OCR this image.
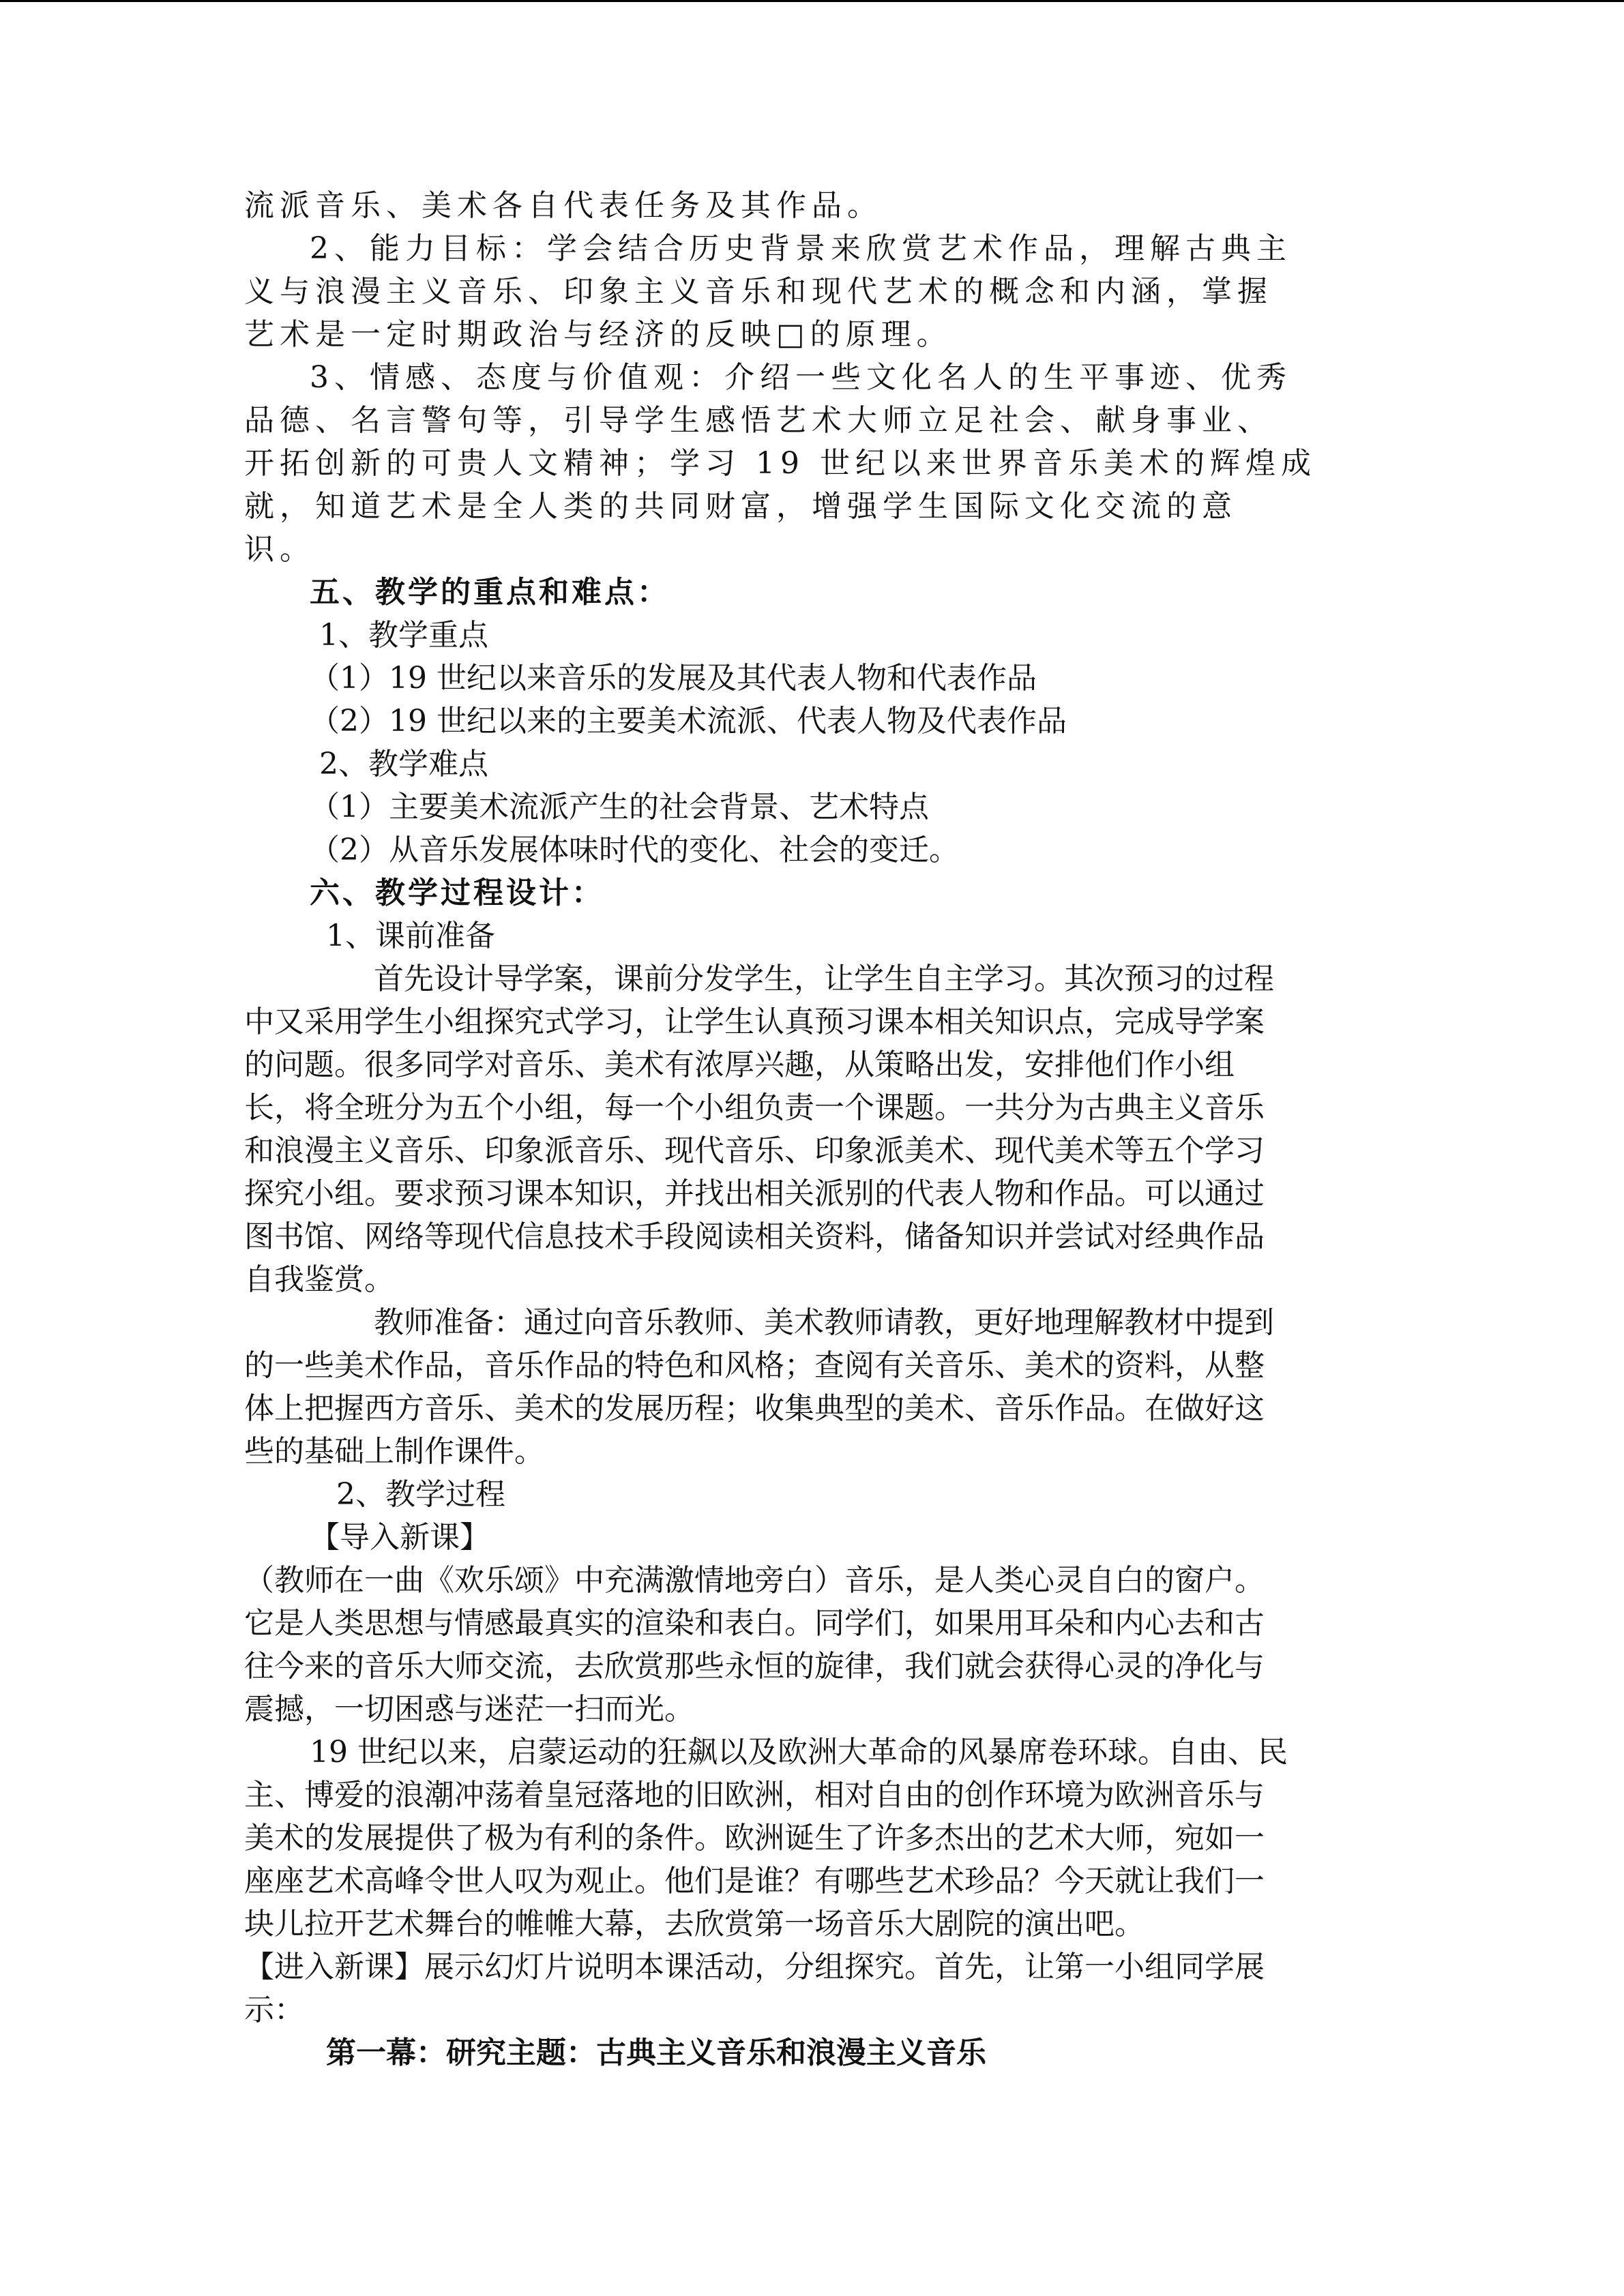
流派音乐、美术各自代表任务及其作品。
2、能力目标：学会结合历史背景来欣赏艺术作品，理解古典主
义与浪漫主义音乐、印象主义音乐和现代艺术的概念和内涵，掌握
艺术是一定时期政治与经济的反映□的原理。
3、情感、态度与价值观：介绍一些文化名人的生平事迹、优秀
品德、名言警句等，引导学生感悟艺术大师立足社会、献身事业、
开拓创新的可贵人文精神；学习 19 世纪以来世界音乐美术的辉煌成
就，知道艺术是全人类的共同财富，增强学生国际文化交流的意
识。
五、教学的重点和难点：
1、教学重点
（1）19 世纪以来音乐的发展及其代表人物和代表作品
（2）19 世纪以来的主要美术流派、代表人物及代表作品
2、教学难点
（1）主要美术流派产生的社会背景、艺术特点
（2）从音乐发展体味时代的变化、社会的变迁。
六、教学过程设计：
1、课前准备
首先设计导学案，课前分发学生，让学生自主学习。其次预习的过程
中又采用学生小组探究式学习，让学生认真预习课本相关知识点，完成导学案
的问题。很多同学对音乐、美术有浓厚兴趣，从策略出发，安排他们作小组
长，将全班分为五个小组，每一个小组负责一个课题。一共分为古典主义音乐
和浪漫主义音乐、印象派音乐、现代音乐、印象派美术、现代美术等五个学习
探究小组。要求预习课本知识，并找出相关派别的代表人物和作品。可以通过
图书馆、网络等现代信息技术手段阅读相关资料，储备知识并尝试对经典作品
自我鉴赏。
教师准备：通过向音乐教师、美术教师请教，更好地理解教材中提到
的一些美术作品，音乐作品的特色和风格；查阅有关音乐、美术的资料，从整
体上把握西方音乐、美术的发展历程；收集典型的美术、音乐作品。在做好这
些的基础上制作课件。
2、教学过程
【导入新课】
（教师在一曲《欢乐颂》中充满激情地旁白）音乐，是人类心灵自白的窗户。
它是人类思想与情感最真实的渲染和表白。同学们，如果用耳朵和内心去和古
往今来的音乐大师交流，去欣赏那些永恒的旋律，我们就会获得心灵的净化与
震撼，一切困惑与迷茫一扫而光。
19 世纪以来，启蒙运动的狂飙以及欧洲大革命的风暴席卷环球。自由、民
主、博爱的浪潮冲荡着皇冠落地的旧欧洲，相对自由的创作环境为欧洲音乐与
美术的发展提供了极为有利的条件。欧洲诞生了许多杰出的艺术大师，宛如一
座座艺术高峰令世人叹为观止。他们是谁？有哪些艺术珍品？今天就让我们一
块儿拉开艺术舞台的帷帷大幕，去欣赏第一场音乐大剧院的演出吧。
【进入新课】展示幻灯片说明本课活动，分组探究。首先，让第一小组同学展
示：
第一幕：研究主题：古典主义音乐和浪漫主义音乐
